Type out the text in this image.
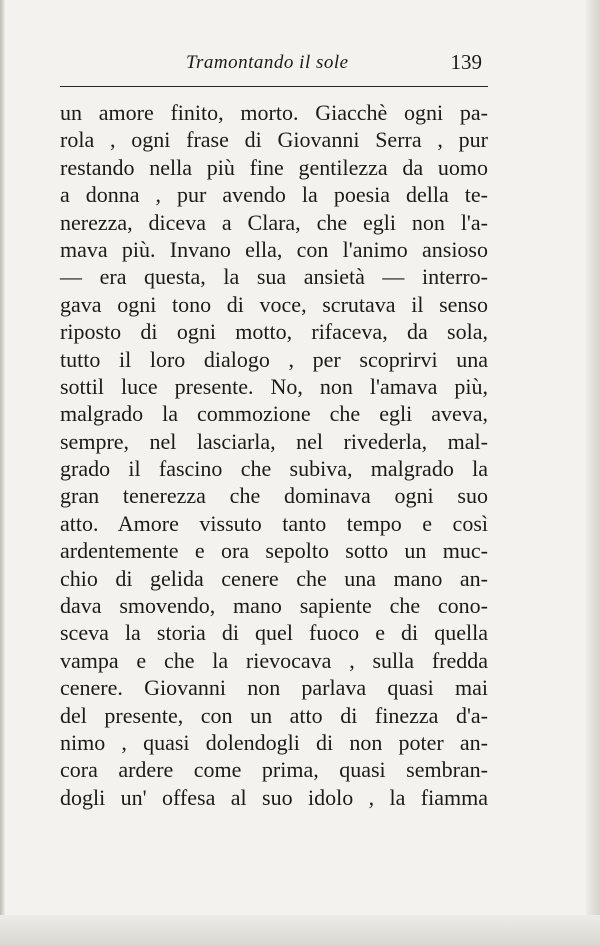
Tramontando il sole	139
un amore finito, morto. Giacchè ogni pa-
rola , ogni frase di Giovanni Serra , pur
restando nella più fine gentilezza da uomo
a donna , pur avendo la poesia della te-
nerezza, diceva a Clara, che egli non l'a-
mava più. Invano ella, con l'animo ansioso
— era questa, la sua ansietà — interro-
gava ogni tono di voce, scrutava il senso
riposto di ogni motto, rifaceva, da sola,
tutto il loro dialogo , per scoprirvi una
sottil luce presente. No, non l'amava più,
malgrado la commozione che egli aveva,
sempre, nel lasciarla, nel rivederla, mal-
grado il fascino che subiva, malgrado la
gran tenerezza che dominava ogni suo
atto. Amore vissuto tanto tempo e così
ardentemente e ora sepolto sotto un muc-
chio di gelida cenere che una mano an-
dava smovendo, mano sapiente che cono-
sceva la storia di quel fuoco e di quella
vampa e che la rievocava , sulla fredda
cenere. Giovanni non parlava quasi mai
del presente, con un atto di finezza d'a-
nimo , quasi dolendogli di non poter an-
cora ardere come prima, quasi sembran-
dogli un' offesa al suo idolo , la fiamma
